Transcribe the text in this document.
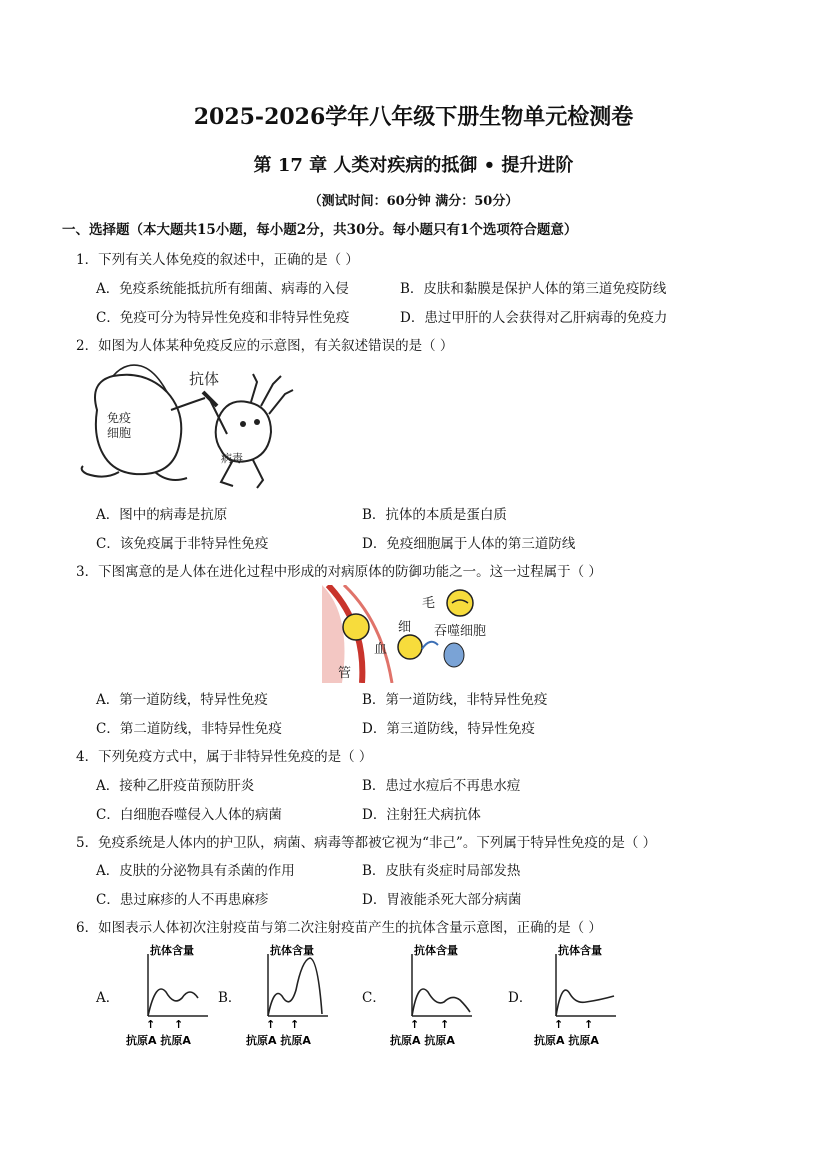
2025-2026学年八年级下册生物单元检测卷
第 17 章 人类对疾病的抵御 • 提升进阶
（测试时间：60分钟 满分：50分）
一、选择题（本大题共15小题，每小题2分，共30分。每小题只有1个选项符合题意）
1．下列有关人体免疫的叙述中，正确的是（ ）
A．免疫系统能抵抗所有细菌、病毒的入侵	B．皮肤和黏膜是保护人体的第三道免疫防线
C．免疫可分为特异性免疫和非特异性免疫	D．患过甲肝的人会获得对乙肝病毒的免疫力
2．如图为人体某种免疫反应的示意图，有关叙述错误的是（ ）
抗体
免疫
细胞
病毒
A．图中的病毒是抗原	B．抗体的本质是蛋白质
C．该免疫属于非特异性免疫	D．免疫细胞属于人体的第三道防线
3．下图寓意的是人体在进化过程中形成的对病原体的防御功能之一。这一过程属于（ ）
毛
细
血
管
吞噬细胞
A．第一道防线，特异性免疫	B．第一道防线，非特异性免疫
C．第二道防线，非特异性免疫	D．第三道防线，特异性免疫
4．下列免疫方式中，属于非特异性免疫的是（ ）
A．接种乙肝疫苗预防肝炎	B．患过水痘后不再患水痘
C．白细胞吞噬侵入人体的病菌	D．注射狂犬病抗体
5．免疫系统是人体内的护卫队，病菌、病毒等都被它视为“非己”。下列属于特异性免疫的是（ ）
A．皮肤的分泌物具有杀菌的作用	B．皮肤有炎症时局部发热
C．患过麻疹的人不再患麻疹	D．胃液能杀死大部分病菌
6．如图表示人体初次注射疫苗与第二次注射疫苗产生的抗体含量示意图，正确的是（ ）
A．
抗体含量
↑ ↑
抗原A 抗原A
B．
抗体含量
↑ ↑
抗原A 抗原A
C．
抗体含量
↑ ↑
抗原A 抗原A
D．
抗体含量
↑ ↑
抗原A 抗原A
